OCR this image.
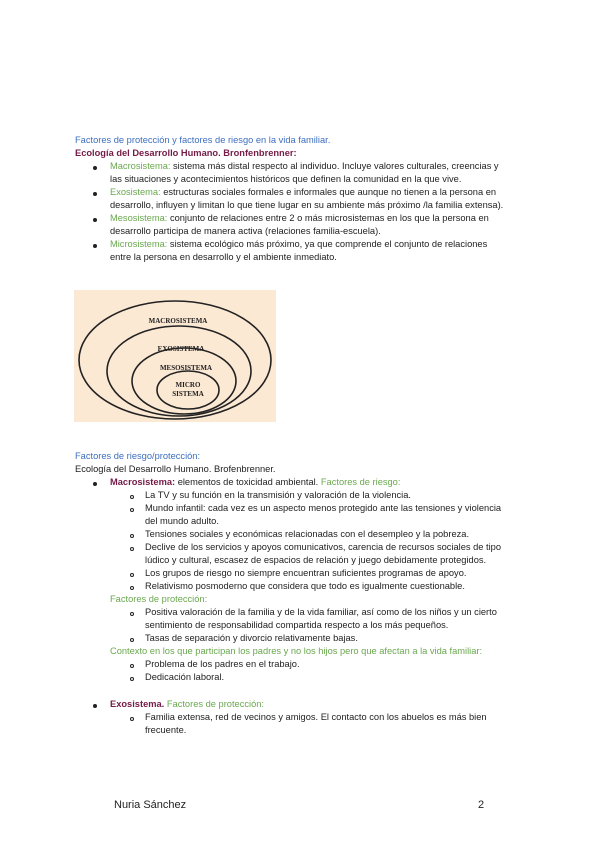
Factores de protección y factores de riesgo en la vida familiar.
Ecología del Desarrollo Humano. Bronfenbrenner:
Macrosistema: sistema más distal respecto al individuo. Incluye valores culturales, creencias y
las situaciones y acontecimientos históricos que definen la comunidad en la que vive.
Exosistema: estructuras sociales formales e informales que aunque no tienen a la persona en
desarrollo, influyen y limitan lo que tiene lugar en su ambiente más próximo /la familia extensa).
Mesosistema: conjunto de relaciones entre 2 o más microsistemas en los que la persona en
desarrollo participa de manera activa (relaciones familia-escuela).
Microsistema: sistema ecológico más próximo, ya que comprende el conjunto de relaciones
entre la persona en desarrollo y el ambiente inmediato.
MACROSISTEMA
EXOSISTEMA
MESOSISTEMA
MICRO
SISTEMA
Factores de riesgo/protección:
Ecología del Desarrollo Humano. Brofenbrenner.
Macrosistema: elementos de toxicidad ambiental. Factores de riesgo:
La TV y su función en la transmisión y valoración de la violencia.
Mundo infantil: cada vez es un aspecto menos protegido ante las tensiones y violencia
del mundo adulto.
Tensiones sociales y económicas relacionadas con el desempleo y la pobreza.
Declive de los servicios y apoyos comunicativos, carencia de recursos sociales de tipo
lúdico y cultural, escasez de espacios de relación y juego debidamente protegidos.
Los grupos de riesgo no siempre encuentran suficientes programas de apoyo.
Relativismo posmoderno que considera que todo es igualmente cuestionable.
Factores de protección:
Positiva valoración de la familia y de la vida familiar, así como de los niños y un cierto
sentimiento de responsabilidad compartida respecto a los más pequeños.
Tasas de separación y divorcio relativamente bajas.
Contexto en los que participan los padres y no los hijos pero que afectan a la vida familiar:
Problema de los padres en el trabajo.
Dedicación laboral.
Exosistema. Factores de protección:
Familia extensa, red de vecinos y amigos. El contacto con los abuelos es más bien
frecuente.
Nuria Sánchez	2
